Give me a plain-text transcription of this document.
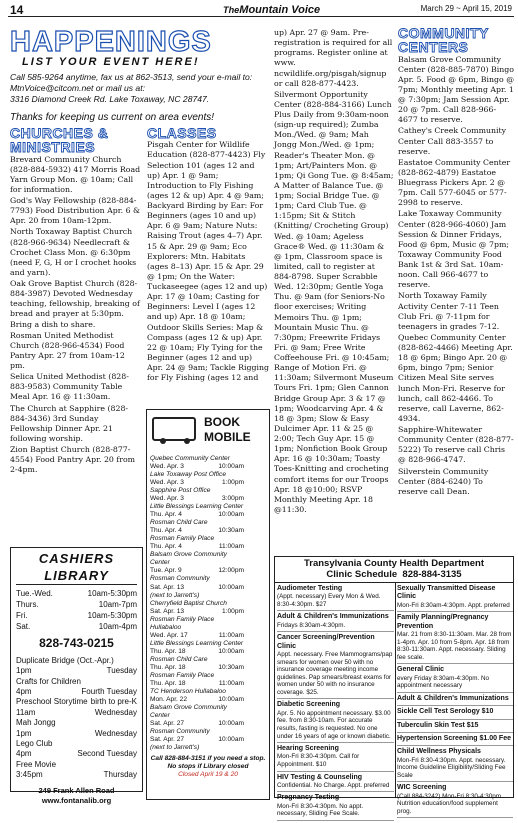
14	TheMountain Voice	March 29 ~ April 15, 2019
HAPPENINGS
LIST YOUR EVENT HERE!
Call 585-9264 anytime, fax us at 862-3513, send your e-mail to: MtnVoice@citcom.net or mail us at:
3316 Diamond Creek Rd. Lake Toxaway, NC 28747.
Thanks for keeping us current on area events!
CHURCHES & MINISTRIES

Brevard Community Church (828-884-5932) 417 Morris Road Yarn Group Mon. @ 10am; Call for information.

God's Way Fellowship (828-884-7793) Food Distribution Apr. 6 & Apr. 20 from 10am-12pm.

North Toxaway Baptist Church (828-966-9634) Needlecraft & Crochet Class Mon. @ 6:30pm (need F, G, H or I crochet hooks and yarn).

Oak Grove Baptist Church (828-884-3987) Devoted Wednesday teaching, fellowship, breaking of bread and prayer at 5:30pm. Bring a dish to share.

Rosman United Methodist Church (828-966-4534) Food Pantry Apr. 27 from 10am-12 pm.

Selica United Methodist (828-883-9583) Community Table Meal Apr. 16 @ 11:30am.

The Church at Sapphire (828-884-3436) 3rd Sunday Fellowship Dinner Apr. 21 following worship.

Zion Baptist Church (828-877-4554) Food Pantry Apr. 20 from 2-4pm.

CLASSES

Pisgah Center for Wildlife Education (828-877-4423) Fly Selection 101 (ages 12 and up) Apr. 1 @ 9am; Introduction to Fly Fishing (ages 12 & up) Apr. 4 @ 9am; Backyard Birding by Ear: For Beginners (ages 10 and up) Apr. 6 @ 9am; Nature Nuts: Raising Trout (ages 4–7) Apr. 15 & Apr. 29 @ 9am; Eco Explorers: Mtn. Habitats (ages 8–13) Apr. 15 & Apr. 29 @ 1pm; On the Water: Tuckaseegee (ages 12 and up) Apr. 17 @ 10am; Casting for Beginners: Level I (ages 12 and up) Apr. 18 @ 10am; Outdoor Skills Series: Map & Compass (ages 12 & up) Apr. 22 @ 10am; Fly Tying for the Beginner (ages 12 and up) Apr. 24 @ 9am; Tackle Rigging for Fly Fishing (ages 12 and

up) Apr. 27 @ 9am. Pre-registration is required for all programs. Register online at www. ncwildlife.org/pisgah/signup or call 828-877-4423.

Silvermont Opportunity Center (828-884-3166) Lunch Plus Daily from 9:30am-noon (sign-up required); Zumba Mon./Wed. @ 9am; Mah Jongg Mon./Wed. @ 1pm; Reader's Theater Mon. @ 1pm; Art/Painters Mon. @ 1pm; Qi Gong Tue. @ 8:45am; A Matter of Balance Tue. @ 1pm; Social Bridge Tue. @ 1pm; Card Club Tue. @ 1:15pm; Sit & Stitch (Knitting/ Crocheting Group) Wed. @ 10am; Ageless Grace® Wed. @ 11:30am & @ 1pm, Classroom space is limited, call to register at 884-8798. Super Scrabble Wed. 12:30pm; Gentle Yoga Thu. @ 9am (for Seniors-No floor exercises; Writing Memoirs Thu. @ 1pm; Mountain Music Thu. @ 7:30pm; Freewrite Fridays Fri. @ 9am; Free Write Coffeehouse Fri. @ 10:45am; Range of Motion Fri. @ 11:30am; Silvermont Museum Tours Fri. 1pm; Glen Cannon Bridge Group Apr. 3 & 17 @ 1pm; Woodcarving Apr. 4 & 18 @ 3pm; Slow & Easy Dulcimer Apr. 11 & 25 @ 2:00; Tech Guy Apr. 15 @ 1pm; Nonfiction Book Group Apr. 16 @ 10:30am; Toasty Toes-Knitting and crocheting comfort items for our Troops Apr. 18 @10:00; RSVP Monthly Meeting Apr. 18 @11:30.

COMMUNITY CENTERS

Balsam Grove Community Center (828-885-7870) Bingo Apr. 5. Food @ 6pm, Bingo @ 7pm; Monthly meeting Apr. 1 @ 7:30pm; Jam Session Apr. 20 @ 7pm. Call 828-966-4677 to reserve.

Cathey's Creek Community Center Call 883-3557 to reserve.

Eastatoe Community Center (828-862-4879) Eastatoe Bluegrass Pickers Apr. 2 @ 7pm. Call 577-6045 or 577-2998 to reserve.

Lake Toxaway Community Center (828-966-4060) Jam Session & Dinner Fridays, Food @ 6pm, Music @ 7pm; Toxaway Community Food Bank 1st & 3rd Sat. 10am-noon. Call 966-4677 to reserve.

North Toxaway Family Activity Center 7-11 Teen Club Fri. @ 7-11pm for teenagers in grades 7-12.

Quebec Community Center (828-862-4466) Meeting Apr. 18 @ 6pm; Bingo Apr. 20 @ 6pm, bingo 7pm; Senior Citizen Meal Site serves lunch Mon-Fri. Reserve for lunch, call 862-4466. To reserve, call Laverne, 862-4934.

Sapphire-Whitewater Community Center (828-877-5222) To reserve call Chris @ 828-966-4747.

Silverstein Community Center (884-6240) To reserve call Dean.

BOOK
MOBILE
Quebec Community Center
Wed. Apr. 3	10:00am
Lake Toxaway Post Office
Wed. Apr. 3	1:00pm
Sapphire Post Office
Wed. Apr. 3	3:00pm
Little Blessings Learning Center
Thu. Apr. 4	10:00am
Rosman Child Care
Thu. Apr. 4	10:30am
Rosman Family Place
Thu. Apr. 4	11:00am
Balsam Grove Community Center
Tue. Apr. 9	12:00pm
Rosman Community
Sat. Apr. 13	10:00am
(next to Jarrett's)
Cherryfield Baptist Church
Sat. Apr. 13	1:00pm
Rosman Family Place Hullabaloo
Wed. Apr. 17	11:00am
Little Blessings Learning Center
Thu. Apr. 18	10:00am
Rosman Child Care
Thu. Apr. 18	10:30am
Rosman Family Place
Thu. Apr. 18	11:00am
TC Henderson Hullabaloo
Mon. Apr. 22	10:00am
Balsam Grove Community Center
Sat. Apr. 27	10:00am
Rosman Community
Sat. Apr. 27	10:00am
(next to Jarrett's)
Call 828-884-3151 if you need a stop. No stops if Library closed
Closed April 19 & 20
CASHIERS LIBRARY
Tue.-Wed.	10am-5:30pm
Thurs.	10am-7pm
Fri.	10am-5:30pm
Sat.	10am-4pm
828-743-0215
Duplicate Bridge (Oct.-Apr.)
1pm	Tuesday
Crafts for Children
4pm	Fourth Tuesday
Preschool Storytime birth to pre-K
11am	Wednesday
Mah Jongg
1pm	Wednesday
Lego Club
4pm	Second Tuesday
Free Movie
3:45pm	Thursday
249 Frank Allen Road
www.fontanalib.org
Transylvania County Health Department
Clinic Schedule 828-884-3135
Audiometer Testing
(Appt. necessary) Every Mon & Wed. 8:30-4:30pm. $27
Adult & Children's Immunizations
Fridays 8:30am-4:30pm.
Cancer Screening/Prevention Clinic
Appt. necessary. Free Mammograms/pap smears for women over 50 with no insurance coverage meeting income guidelines. Pap smears/breast exams for women under 50 with no insurance coverage. $25.
Diabetic Screening
Apr. 5. No appointment necessary. $3.00 fee. from 8:30-10am. For accurate results, fasting is requested. No one under 16 years of age or known diabetic.
Hearing Screening
Mon-Fri 8:30-4:30pm. Call for Appointment. $10
HIV Testing & Counseling
Confidential. No Charge. Appt. preferred
Pregnancy Testing
Mon-Fri 8:30-4:30pm. No appt. necessary, Sliding Fee Scale.
Sexually Transmitted Disease Clinic
Mon-Fri 8:30am-4:30pm. Appt. preferred
Family Planning/Pregnancy Prevention
Mar. 21 from 8:30-11:30am. Mar. 28 from 1-4pm. Apr. 10 from 5-8pm. Apr. 18 from 8:30-11:30am. Appt. necessary. Sliding fee scale.
General Clinic
every Friday 8:30am-4:30pm. No appointment necessary
Adult & Children's Immunizations
Sickle Cell Test Serology $10
Tuberculin Skin Test $15
Hypertension Screening $1.00 Fee
Child Wellness Physicals
Mon-Fri 8:30-4:30pm. Appt. necessary. Income Guideline Eligibility/Sliding Fee Scale
WIC Screening
(Call 884-3242) Mon-Fri 8:30-4:30pm. Nutrition education/food supplement prog.
